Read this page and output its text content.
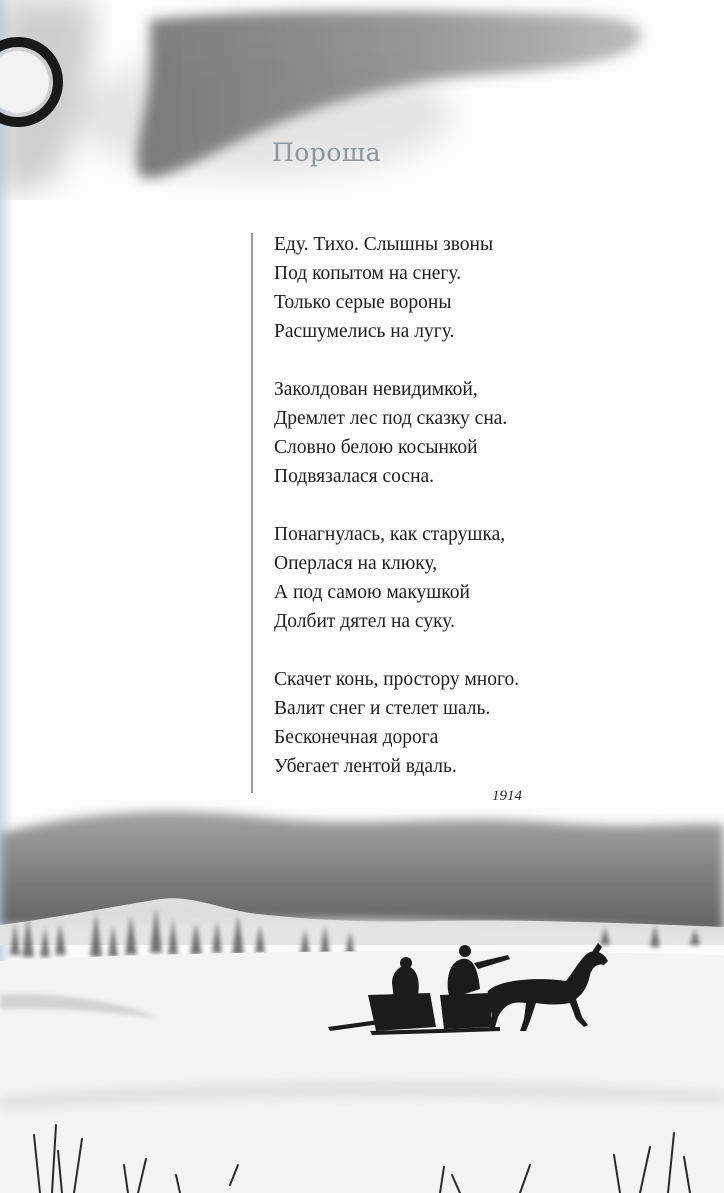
Пороша
Еду. Тихо. Слышны звоны
Под копытом на снегу.
Только серые вороны
Расшумелись на лугу.
Заколдован невидимкой,
Дремлет лес под сказку сна.
Словно белою косынкой
Подвязалася сосна.
Понагнулась, как старушка,
Оперлася на клюку,
А под самою макушкой
Долбит дятел на суку.
Скачет конь, простору много.
Валит снег и стелет шаль.
Бесконечная дорога
Убегает лентой вдаль.
1914
